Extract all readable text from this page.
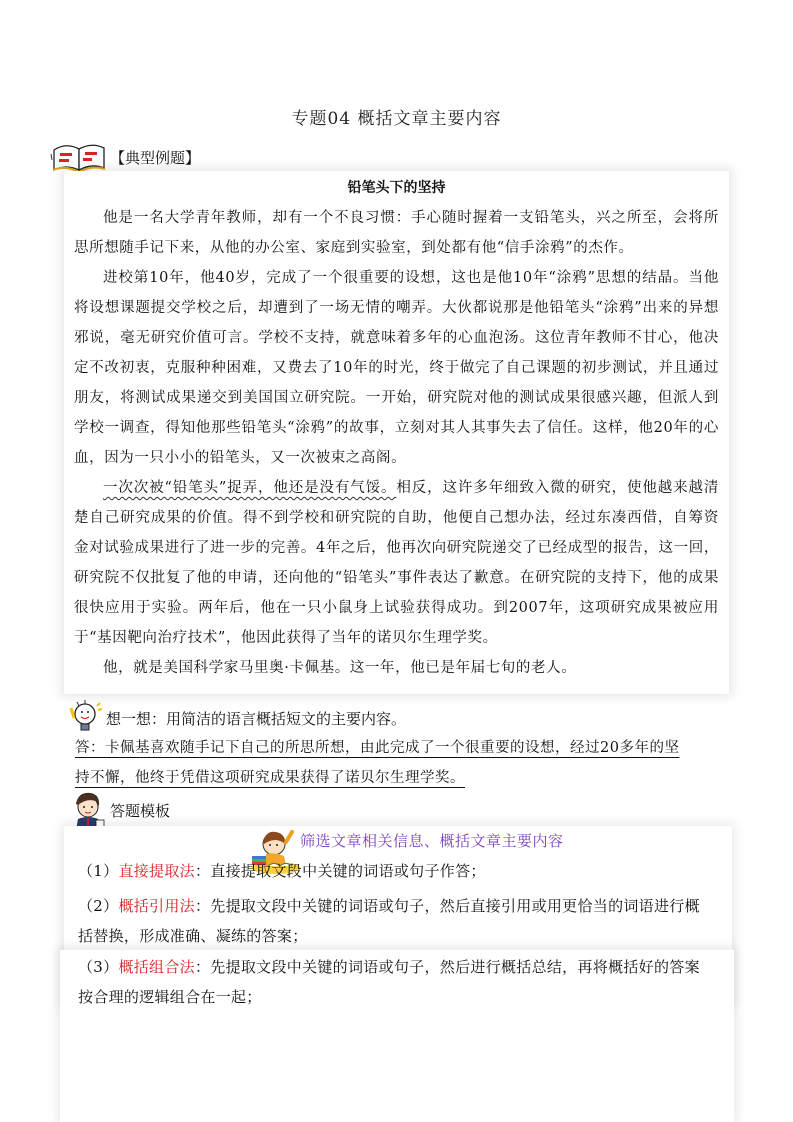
专题04 概括文章主要内容
【典型例题】
铅笔头下的坚持

他是一名大学青年教师，却有一个不良习惯：手心随时握着一支铅笔头，兴之所至，会将所思所想随手记下来，从他的办公室、家庭到实验室，到处都有他“信手涂鸦”的杰作。

进校第10年，他40岁，完成了一个很重要的设想，这也是他10年“涂鸦”思想的结晶。当他将设想课题提交学校之后，却遭到了一场无情的嘲弄。大伙都说那是他铅笔头“涂鸦”出来的异想邪说，毫无研究价值可言。学校不支持，就意味着多年的心血泡汤。这位青年教师不甘心，他决定不改初衷，克服种种困难，又费去了10年的时光，终于做完了自己课题的初步测试，并且通过朋友，将测试成果递交到美国国立研究院。一开始，研究院对他的测试成果很感兴趣，但派人到学校一调查，得知他那些铅笔头“涂鸦”的故事，立刻对其人其事失去了信任。这样，他20年的心血，因为一只小小的铅笔头，又一次被束之高阁。

一次次被“铅笔头”捉弄，他还是没有气馁。相反，这许多年细致入微的研究，使他越来越清楚自己研究成果的价值。得不到学校和研究院的自助，他便自己想办法，经过东凑西借，自筹资金对试验成果进行了进一步的完善。4年之后，他再次向研究院递交了已经成型的报告，这一回，研究院不仅批复了他的申请，还向他的“铅笔头”事件表达了歉意。在研究院的支持下，他的成果很快应用于实验。两年后，他在一只小鼠身上试验获得成功。到2007年，这项研究成果被应用于“基因靶向治疗技术”，他因此获得了当年的诺贝尔生理学奖。

他，就是美国科学家马里奥·卡佩基。这一年，他已是年届七旬的老人。

想一想：用简洁的语言概括短文的主要内容。
答：卡佩基喜欢随手记下自己的所思所想，由此完成了一个很重要的设想，经过20多年的坚
持不懈，他终于凭借这项研究成果获得了诺贝尔生理学奖。
答题模板
筛选文章相关信息、概括文章主要内容
（1）直接提取法：直接提取文段中关键的词语或句子作答；
（2）概括引用法：先提取文段中关键的词语或句子，然后直接引用或用更恰当的词语进行概
括替换，形成准确、凝练的答案；
（3）概括组合法：先提取文段中关键的词语或句子，然后进行概括总结，再将概括好的答案
按合理的逻辑组合在一起；
